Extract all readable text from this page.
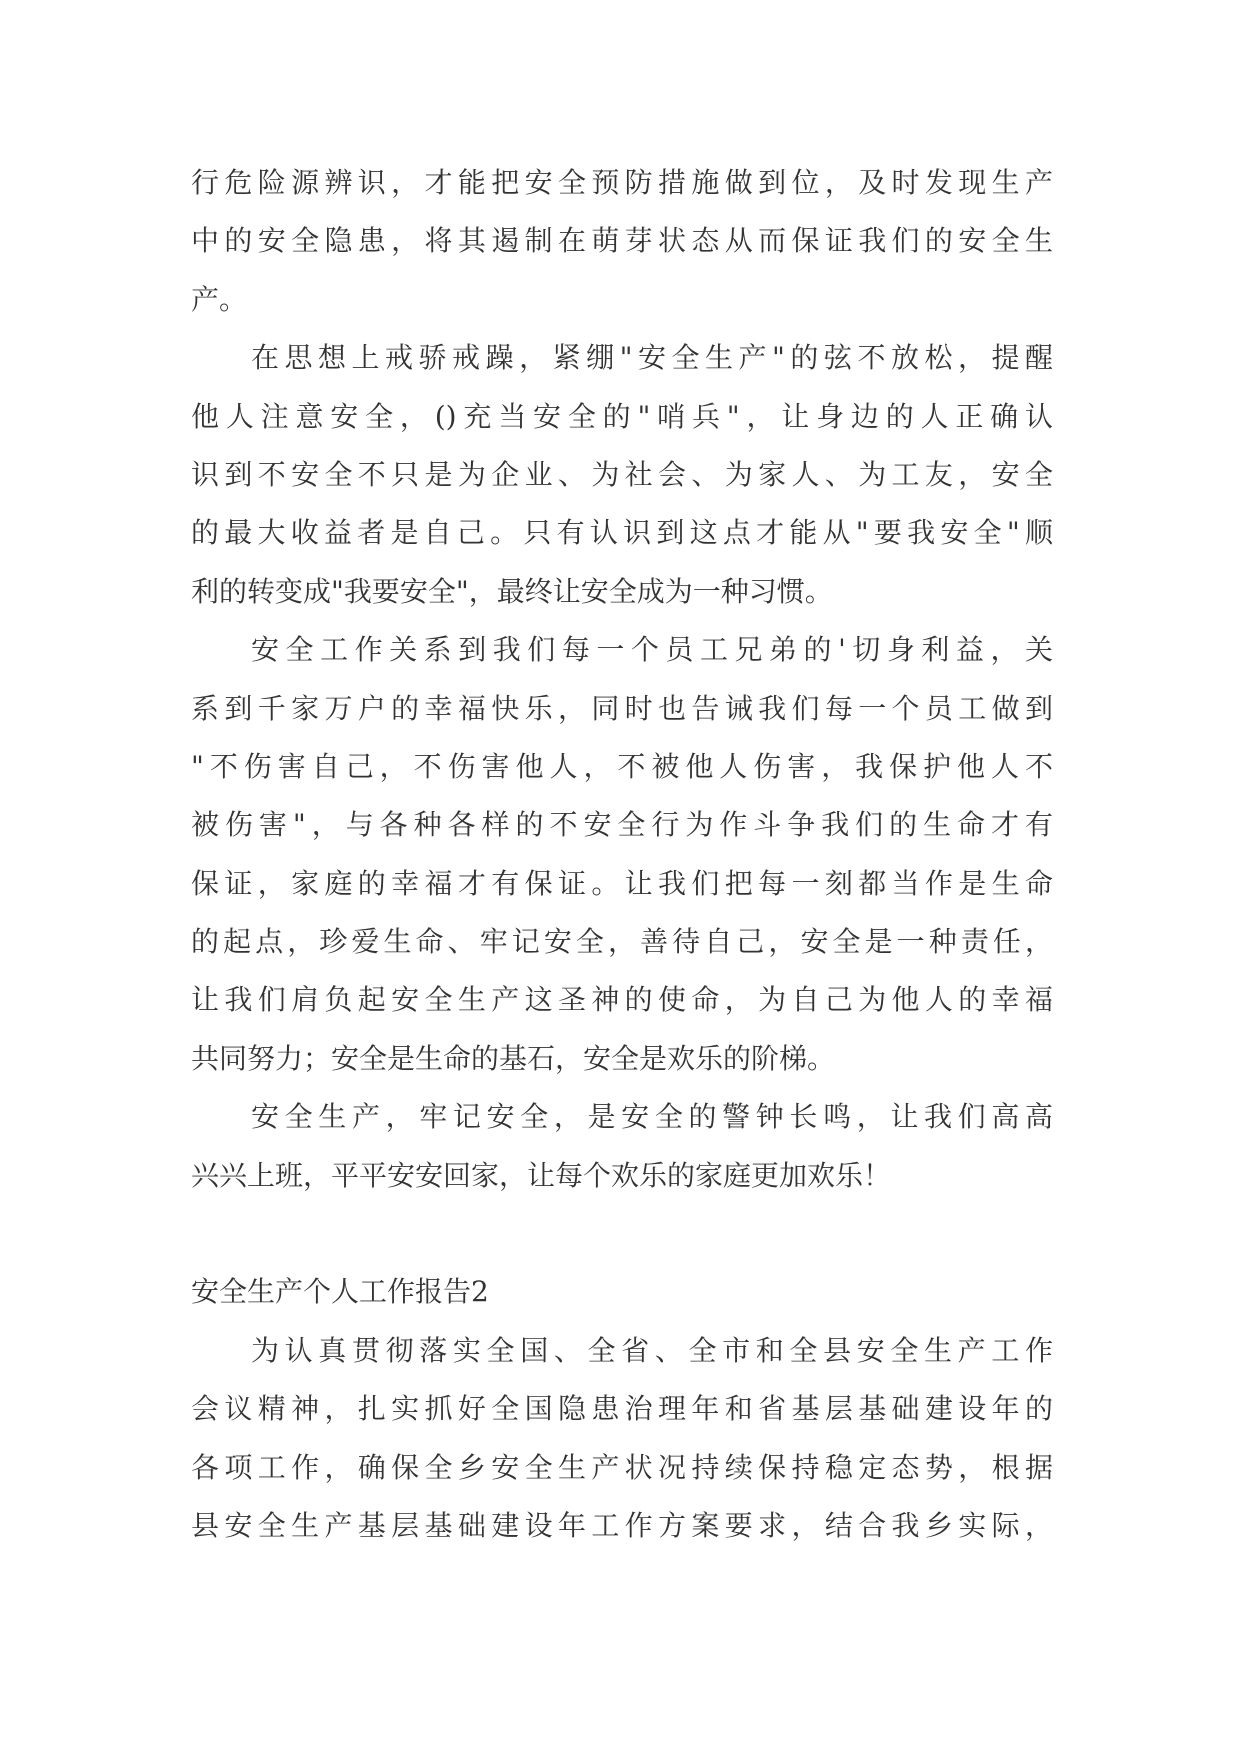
行危险源辨识，才能把安全预防措施做到位，及时发现生产
中的安全隐患，将其遏制在萌芽状态从而保证我们的安全生
产。
在思想上戒骄戒躁，紧绷"安全生产"的弦不放松，提醒
他人注意安全，()充当安全的"哨兵"，让身边的人正确认
识到不安全不只是为企业、为社会、为家人、为工友，安全
的最大收益者是自己。只有认识到这点才能从"要我安全"顺
利的转变成"我要安全"，最终让安全成为一种习惯。
安全工作关系到我们每一个员工兄弟的'切身利益，关
系到千家万户的幸福快乐，同时也告诫我们每一个员工做到
"不伤害自己，不伤害他人，不被他人伤害，我保护他人不
被伤害"，与各种各样的不安全行为作斗争我们的生命才有
保证，家庭的幸福才有保证。让我们把每一刻都当作是生命
的起点，珍爱生命、牢记安全，善待自己，安全是一种责任，
让我们肩负起安全生产这圣神的使命，为自己为他人的幸福
共同努力；安全是生命的基石，安全是欢乐的阶梯。
安全生产，牢记安全，是安全的警钟长鸣，让我们高高
兴兴上班，平平安安回家，让每个欢乐的家庭更加欢乐！
安全生产个人工作报告2
为认真贯彻落实全国、全省、全市和全县安全生产工作
会议精神，扎实抓好全国隐患治理年和省基层基础建设年的
各项工作，确保全乡安全生产状况持续保持稳定态势，根据
县安全生产基层基础建设年工作方案要求，结合我乡实际，
